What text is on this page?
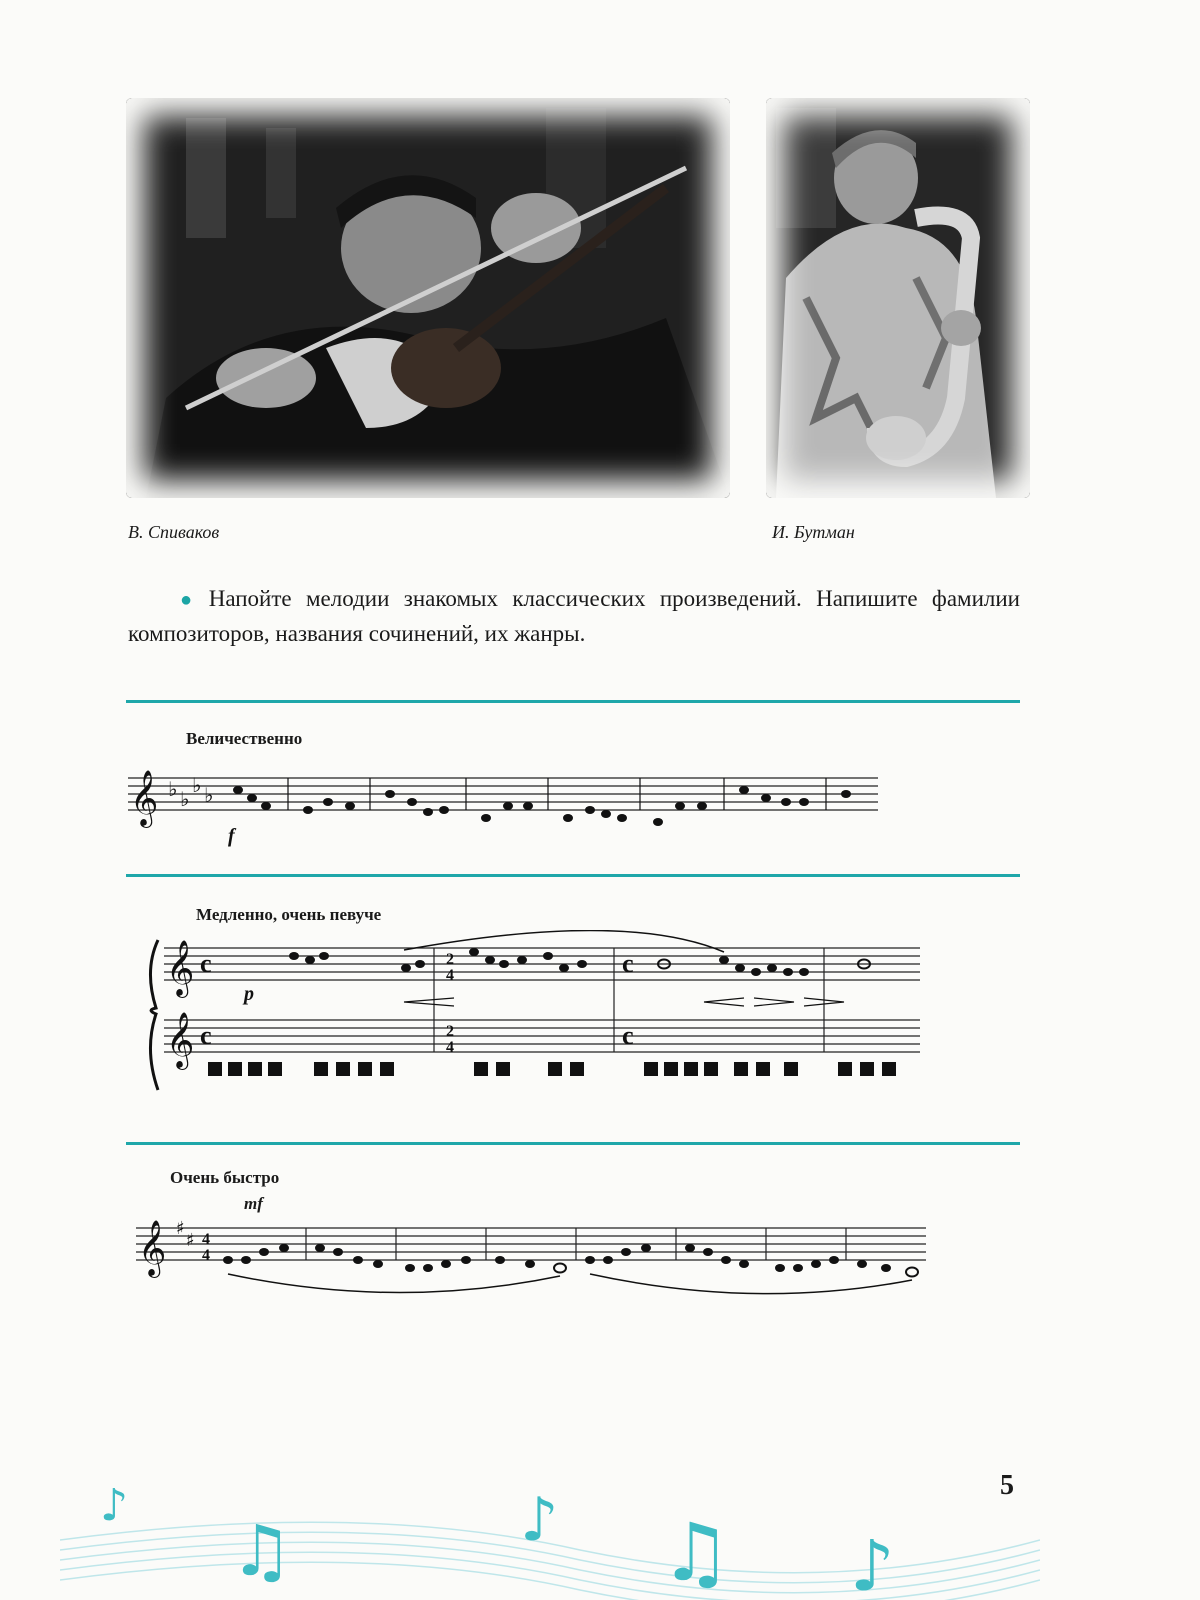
В. Спиваков	И. Бутман
● Напойте мелодии знакомых классических произведений. Напишите фамилии композиторов, названия сочинений, их жанры.
Величественно
𝄞 ♭ ♭
♭ ♭
f
Медленно, очень певуче
𝄞
𝄞
c
c
2
4
2
4
c
c
p
Очень быстро
mf
𝄞 ♯
♯ 4
4
♪
♫	♪ ♫ ♪
5
